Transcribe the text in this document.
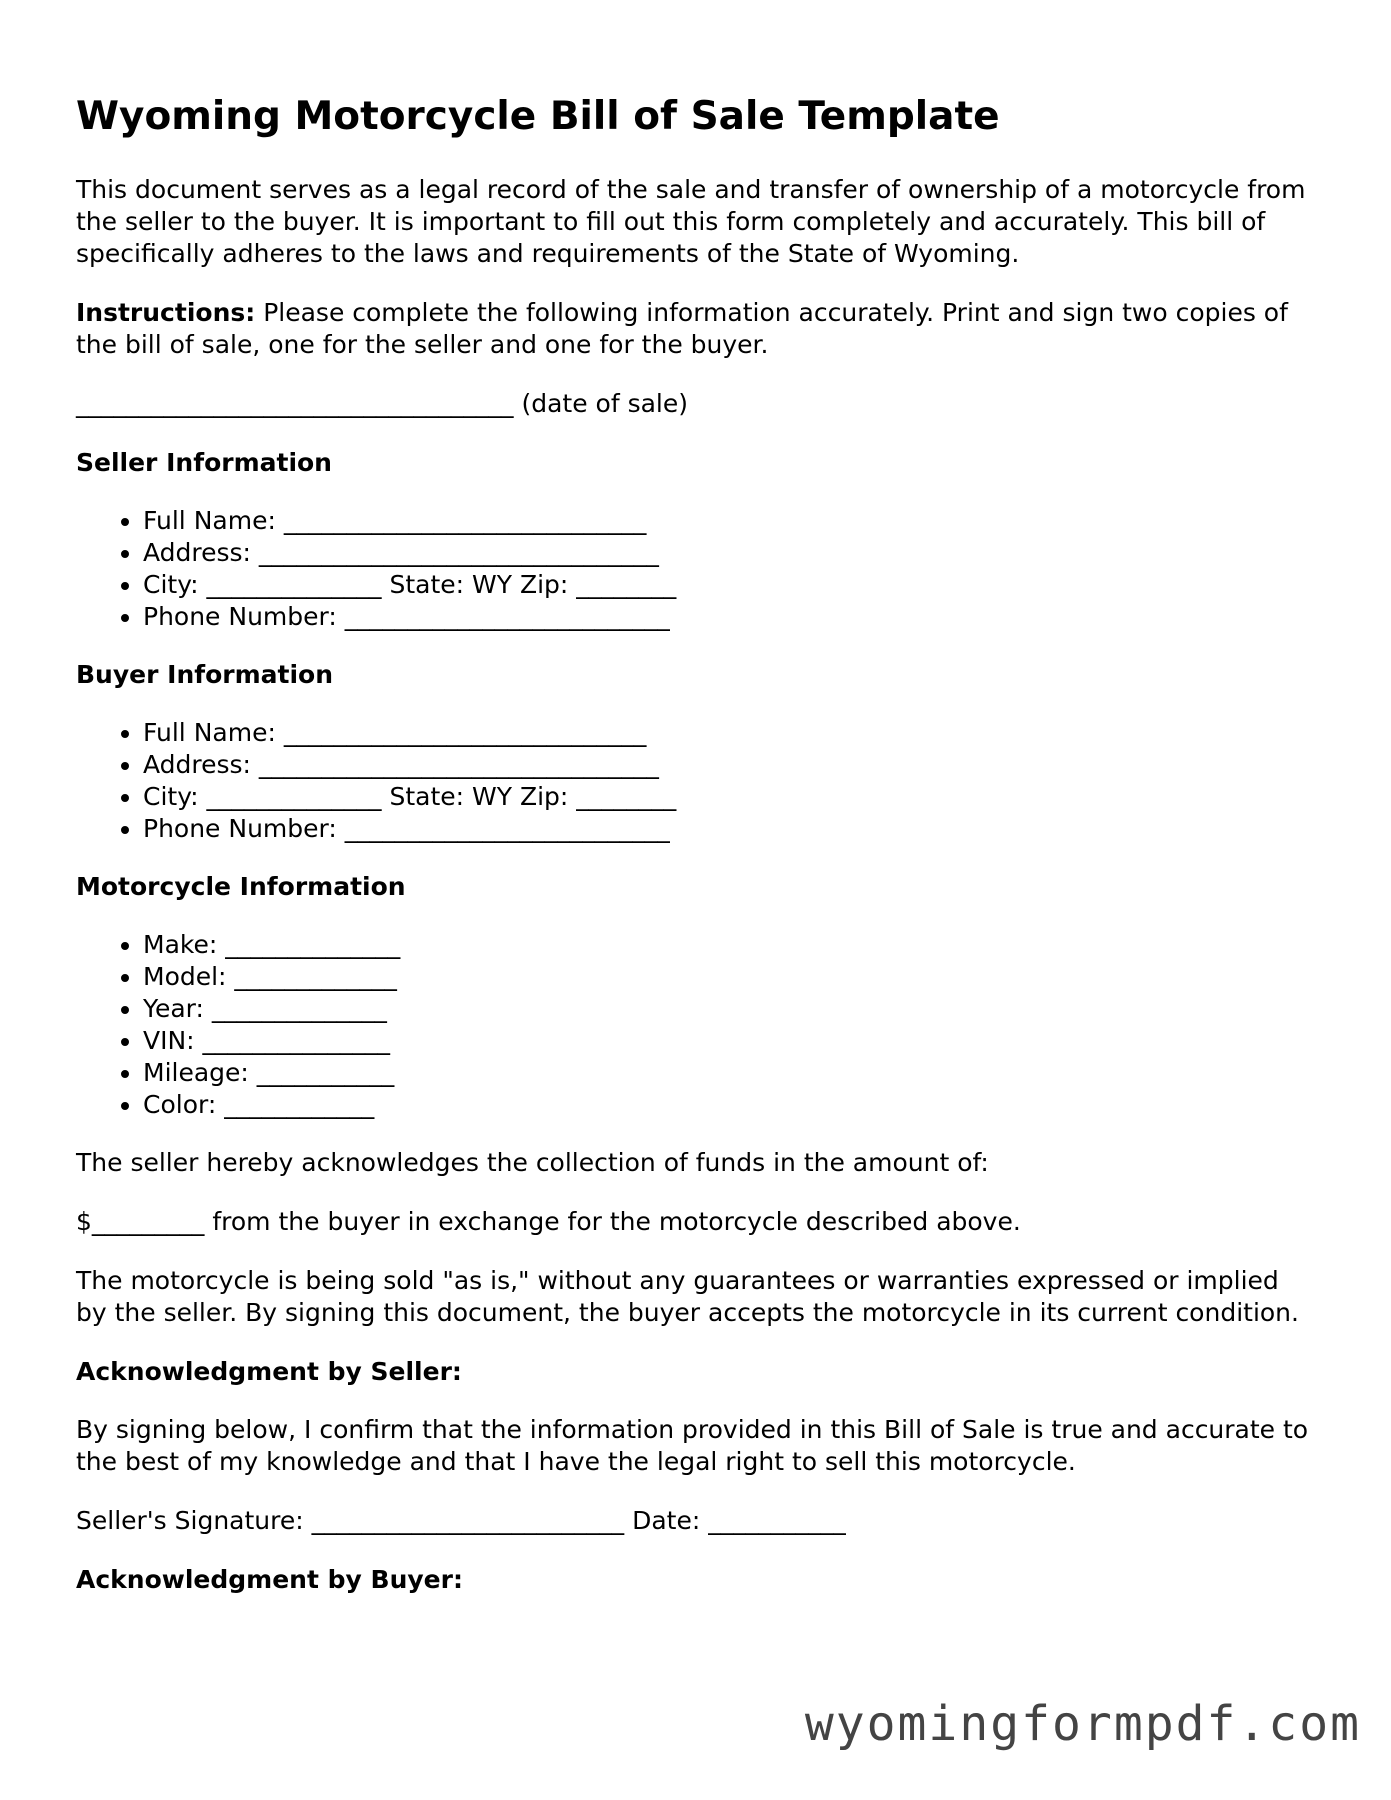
Wyoming Motorcycle Bill of Sale Template

This document serves as a legal record of the sale and transfer of ownership of a motorcycle from the seller to the buyer. It is important to fill out this form completely and accurately. This bill of specifically adheres to the laws and requirements of the State of Wyoming.

Instructions: Please complete the following information accurately. Print and sign two copies of the bill of sale, one for the seller and one for the buyer.

___________________________________ (date of sale)

Seller Information
• Full Name: _____________________________
• Address: ________________________________
• City: ______________ State: WY Zip: ________
• Phone Number: __________________________
Buyer Information
• Full Name: _____________________________
• Address: ________________________________
• City: ______________ State: WY Zip: ________
• Phone Number: __________________________
Motorcycle Information
• Make: ______________
• Model: _____________
• Year: ______________
• VIN: _______________
• Mileage: ___________
• Color: ____________

The seller hereby acknowledges the collection of funds in the amount of:

$_________ from the buyer in exchange for the motorcycle described above.

The motorcycle is being sold "as is," without any guarantees or warranties expressed or implied by the seller. By signing this document, the buyer accepts the motorcycle in its current condition.

Acknowledgment by Seller:

By signing below, I confirm that the information provided in this Bill of Sale is true and accurate to the best of my knowledge and that I have the legal right to sell this motorcycle.

Seller's Signature: _________________________ Date: ___________

Acknowledgment by Buyer:
wyomingformpdf.com
